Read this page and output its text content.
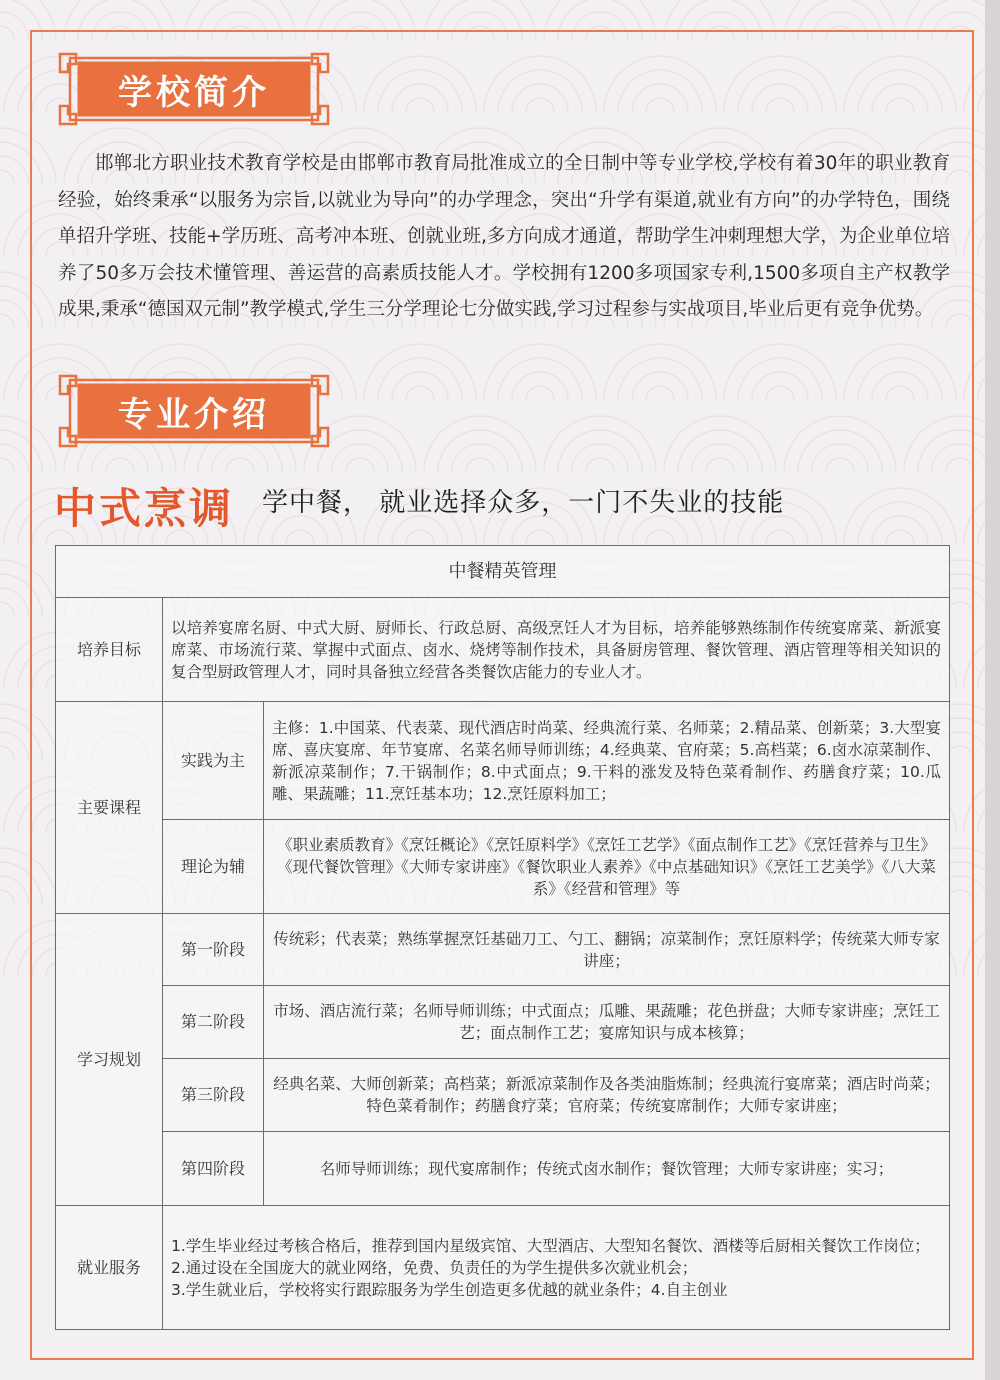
学校简介
邯郸北方职业技术教育学校是由邯郸市教育局批准成立的全日制中等专业学校,学校有着30年的职业教育经验，始终秉承“以服务为宗旨,以就业为导向”的办学理念，突出“升学有渠道,就业有方向”的办学特色，围绕单招升学班、技能+学历班、高考冲本班、创就业班,多方向成才通道，帮助学生冲刺理想大学，为企业单位培养了50多万会技术懂管理、善运营的高素质技能人才。学校拥有1200多项国家专利,1500多项自主产权教学成果,秉承“德国双元制”教学模式,学生三分学理论七分做实践,学习过程参与实战项目,毕业后更有竞争优势。
专业介绍
中式烹调 学中餐， 就业选择众多，一门不失业的技能
中餐精英管理		
培养目标	以培养宴席名厨、中式大厨、厨师长、行政总厨、高级烹饪人才为目标，培养能够熟练制作传统宴席菜、新派宴席菜、市场流行菜、掌握中式面点、卤水、烧烤等制作技术，具备厨房管理、餐饮管理、酒店管理等相关知识的复合型厨政管理人才，同时具备独立经营各类餐饮店能力的专业人才。	
主要课程	实践为主	主修：1.中国菜、代表菜、现代酒店时尚菜、经典流行菜、名师菜；2.精品菜、创新菜；3.大型宴席、喜庆宴席、年节宴席、名菜名师导师训练；4.经典菜、官府菜；5.高档菜；6.卤水凉菜制作、新派凉菜制作；7.干锅制作；8.中式面点；9.干料的涨发及特色菜肴制作、药膳食疗菜；10.瓜雕、果蔬雕；11.烹饪基本功；12.烹饪原料加工；
	理论为辅	《职业素质教育》《烹饪概论》《烹饪原料学》《烹饪工艺学》《面点制作工艺》《烹饪营养与卫生》《现代餐饮管理》《大师专家讲座》《餐饮职业人素养》《中点基础知识》《烹饪工艺美学》《八大菜系》《经营和管理》等
学习规划	第一阶段	传统彩；代表菜；熟练掌握烹饪基础刀工、勺工、翻锅；凉菜制作；烹饪原料学；传统菜大师专家讲座；
	第二阶段	市场、酒店流行菜；名师导师训练；中式面点；瓜雕、果蔬雕；花色拼盘；大师专家讲座；烹饪工艺；面点制作工艺；宴席知识与成本核算；
	第三阶段	经典名菜、大师创新菜；高档菜；新派凉菜制作及各类油脂炼制；经典流行宴席菜；酒店时尚菜；特色菜肴制作；药膳食疗菜；官府菜；传统宴席制作；大师专家讲座；
	第四阶段	名师导师训练；现代宴席制作；传统式卤水制作；餐饮管理；大师专家讲座；实习；
就业服务	1.学生毕业经过考核合格后，推荐到国内星级宾馆、大型酒店、大型知名餐饮、酒楼等后厨相关餐饮工作岗位；
2.通过设在全国庞大的就业网络，免费、负责任的为学生提供多次就业机会；
3.学生就业后，学校将实行跟踪服务为学生创造更多优越的就业条件；4.自主创业	
